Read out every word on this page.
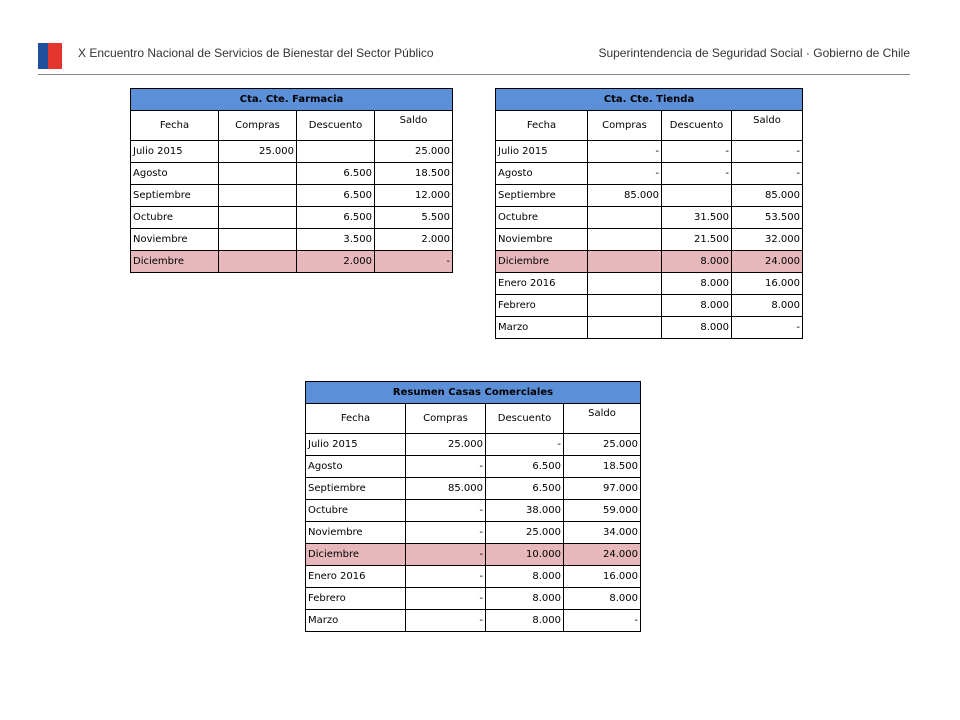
X Encuentro Nacional de Servicios de Bienestar del Sector Público	Superintendencia de Seguridad Social · Gobierno de Chile
Cta. Cte. Farmacia			
Fecha	Compras	Descuento	Saldo
Julio 2015	25.000		25.000
Agosto		6.500	18.500
Septiembre		6.500	12.000
Octubre		6.500	5.500
Noviembre		3.500	2.000
Diciembre		2.000	-
Cta. Cte. Tienda			
Fecha	Compras	Descuento	Saldo
Julio 2015	-	-	-
Agosto	-	-	-
Septiembre	85.000		85.000
Octubre		31.500	53.500
Noviembre		21.500	32.000
Diciembre		8.000	24.000
Enero 2016		8.000	16.000
Febrero		8.000	8.000
Marzo		8.000	-
Resumen Casas Comerciales			
Fecha	Compras	Descuento	Saldo
Julio 2015	25.000	-	25.000
Agosto	-	6.500	18.500
Septiembre	85.000	6.500	97.000
Octubre	-	38.000	59.000
Noviembre	-	25.000	34.000
Diciembre	-	10.000	24.000
Enero 2016	-	8.000	16.000
Febrero	-	8.000	8.000
Marzo	-	8.000	-
